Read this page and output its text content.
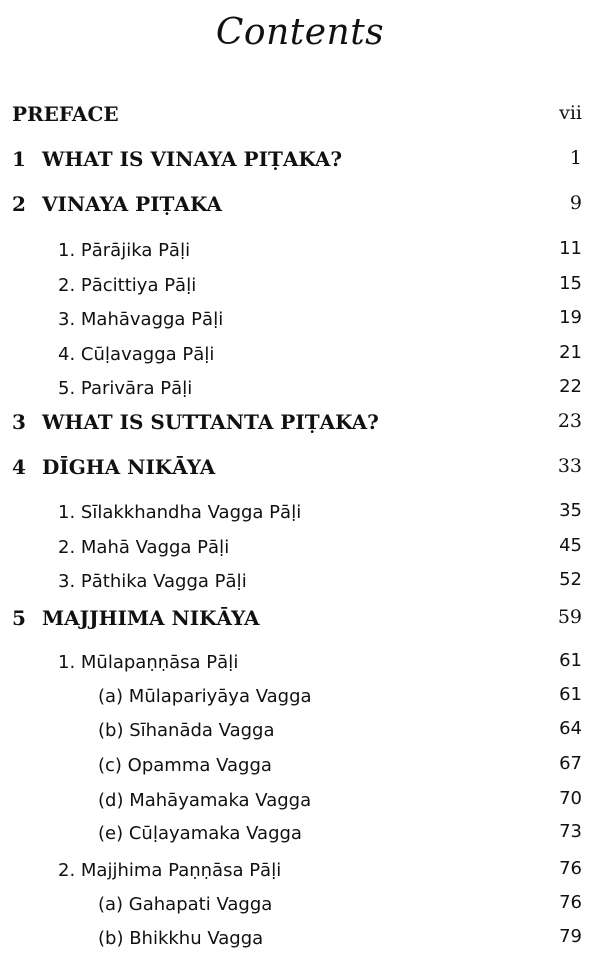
Contents
PREFACE	vii
1 WHAT IS VINAYA PIṬAKA?	1
2 VINAYA PIṬAKA	9
1. Pārājika Pāḷi	11
2. Pācittiya Pāḷi	15
3. Mahāvagga Pāḷi	19
4. Cūḷavagga Pāḷi	21
5. Parivāra Pāḷi	22
3 WHAT IS SUTTANTA PIṬAKA?	23
4 DĪGHA NIKĀYA	33
1. Sīlakkhandha Vagga Pāḷi	35
2. Mahā Vagga Pāḷi	45
3. Pāthika Vagga Pāḷi	52
5 MAJJHIMA NIKĀYA	59
1. Mūlapaṇṇāsa Pāḷi	61
(a) Mūlapariyāya Vagga	61
(b) Sīhanāda Vagga	64
(c) Opamma Vagga	67
(d) Mahāyamaka Vagga	70
(e) Cūḷayamaka Vagga	73
2. Majjhima Paṇṇāsa Pāḷi	76
(a) Gahapati Vagga	76
(b) Bhikkhu Vagga	79
